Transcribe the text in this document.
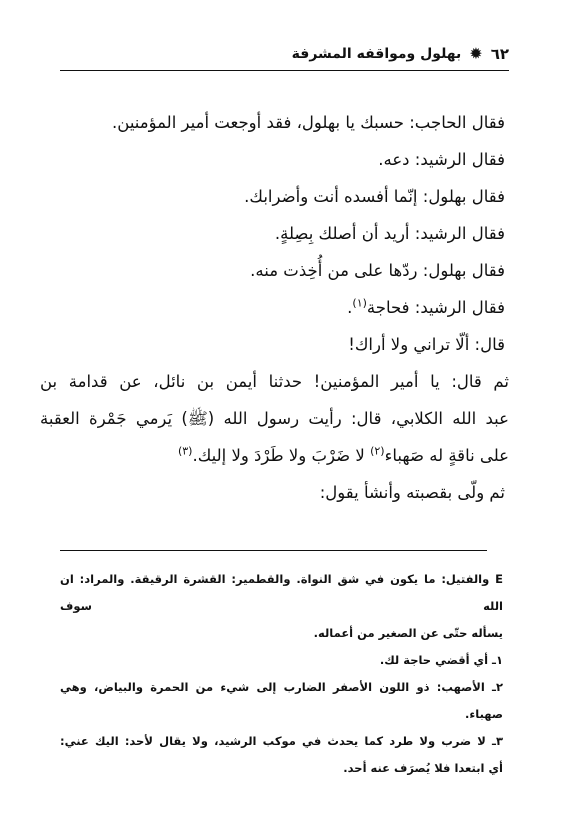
٦٢
✹
بهلول ومواقفه المشرفة
فقال الحاجب: حسبك يا بهلول، فقد أوجعت أمير المؤمنين.
فقال الرشيد: دعه.
فقال بهلول: إنّما أفسده أنت وأضرابك.
فقال الرشيد: أريد أن أصلك بِصِلةٍ.
فقال بهلول: ردّها على من أُخِذت منه.
فقال الرشيد: فحاجة$^{(١)}$.
قال: ألّا تراني ولا أراك!
ثم قال: يا أمير المؤمنين! حدثنا أيمن بن نائل، عن قدامة بن
عبد الله الكلابي، قال: رأيت رسول الله (ﷺ) يَرمي جَمْرة العقبة
على ناقةٍ له صَهباء$^{(٢)}$ لا ضَرْبَ ولا طَرْدَ ولا إليك.$^{(٣)}$
ثم ولّى بقصبته وأنشأ يقول:
E والفتيل: ما يكون في شق النواة. والقطمير: القشرة الرقيقة. والمراد: ان الله سوف
يسأله حتّى عن الصغير من أعماله.
١ـ أي أقضي حاجة لك.
٢ـ الأصهب: ذو اللون الأصفر الضارب إلى شيء من الحمرة والبياض، وهي
صهباء.
٣ـ لا ضرب ولا طرد كما يحدث في موكب الرشيد، ولا يقال لأحد: اليك عني:
أي ابتعدا فلا يُصرَف عنه أحد.
